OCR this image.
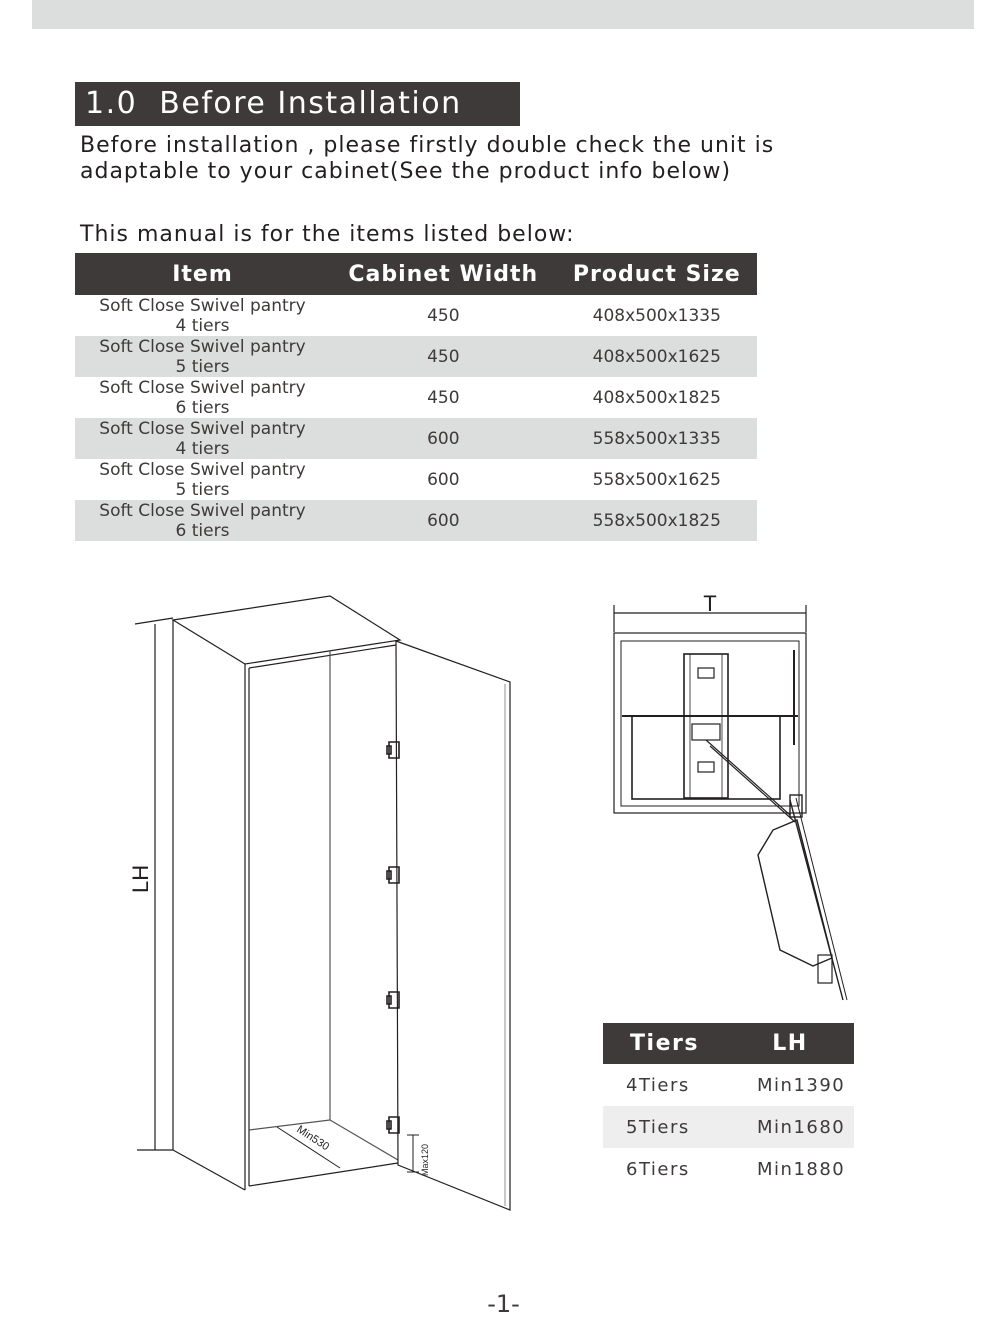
1.0 Before Installation
Before installation , please firstly double check the unit is
adaptable to your cabinet(See the product info below)
This manual is for the items listed below:
Item	Cabinet Width	Product Size

Soft Close Swivel pantry
4 tiers	450	408x500x1335

Soft Close Swivel pantry
5 tiers	450	408x500x1625

Soft Close Swivel pantry
6 tiers	450	408x500x1825

Soft Close Swivel pantry
4 tiers	600	558x500x1335

Soft Close Swivel pantry
5 tiers	600	558x500x1625

Soft Close Swivel pantry
6 tiers	600	558x500x1825
LH
Min530
Max120
T
Tiers	LH
4Tiers	Min1390
5Tiers	Min1680
6Tiers	Min1880
-1-
